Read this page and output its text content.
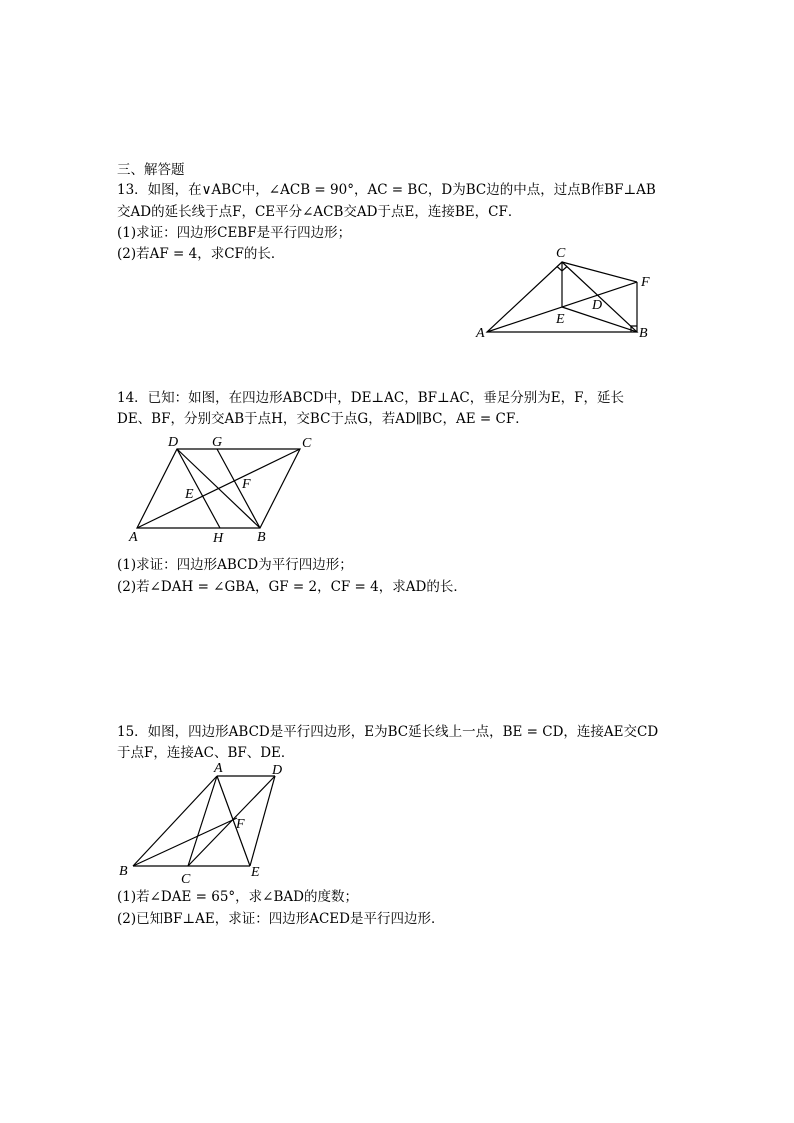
三、解答题
13．如图，在∨ABC中，∠ACB = 90°，AC = BC，D为BC边的中点，过点B作BF⊥AB
交AD的延长线于点F，CE平分∠ACB交AD于点E，连接BE，CF．
(1)求证：四边形CEBF是平行四边形；
(2)若AF = 4，求CF的长．	C
F
D
E
A	B
14．已知：如图，在四边形ABCD中，DE⊥AC，BF⊥AC，垂足分别为E，F，延长
DE、BF，分别交AB于点H，交BC于点G，若AD∥BC，AE = CF．
D G	C
F
E
A	H B
(1)求证：四边形ABCD为平行四边形；
(2)若∠DAH = ∠GBA，GF = 2，CF = 4，求AD的长．
15．如图，四边形ABCD是平行四边形，E为BC延长线上一点，BE = CD，连接AE交CD
于点F，连接AC、BF、DE．
A	D
F
B
C	E
(1)若∠DAE = 65°，求∠BAD的度数；
(2)已知BF⊥AE，求证：四边形ACED是平行四边形．
